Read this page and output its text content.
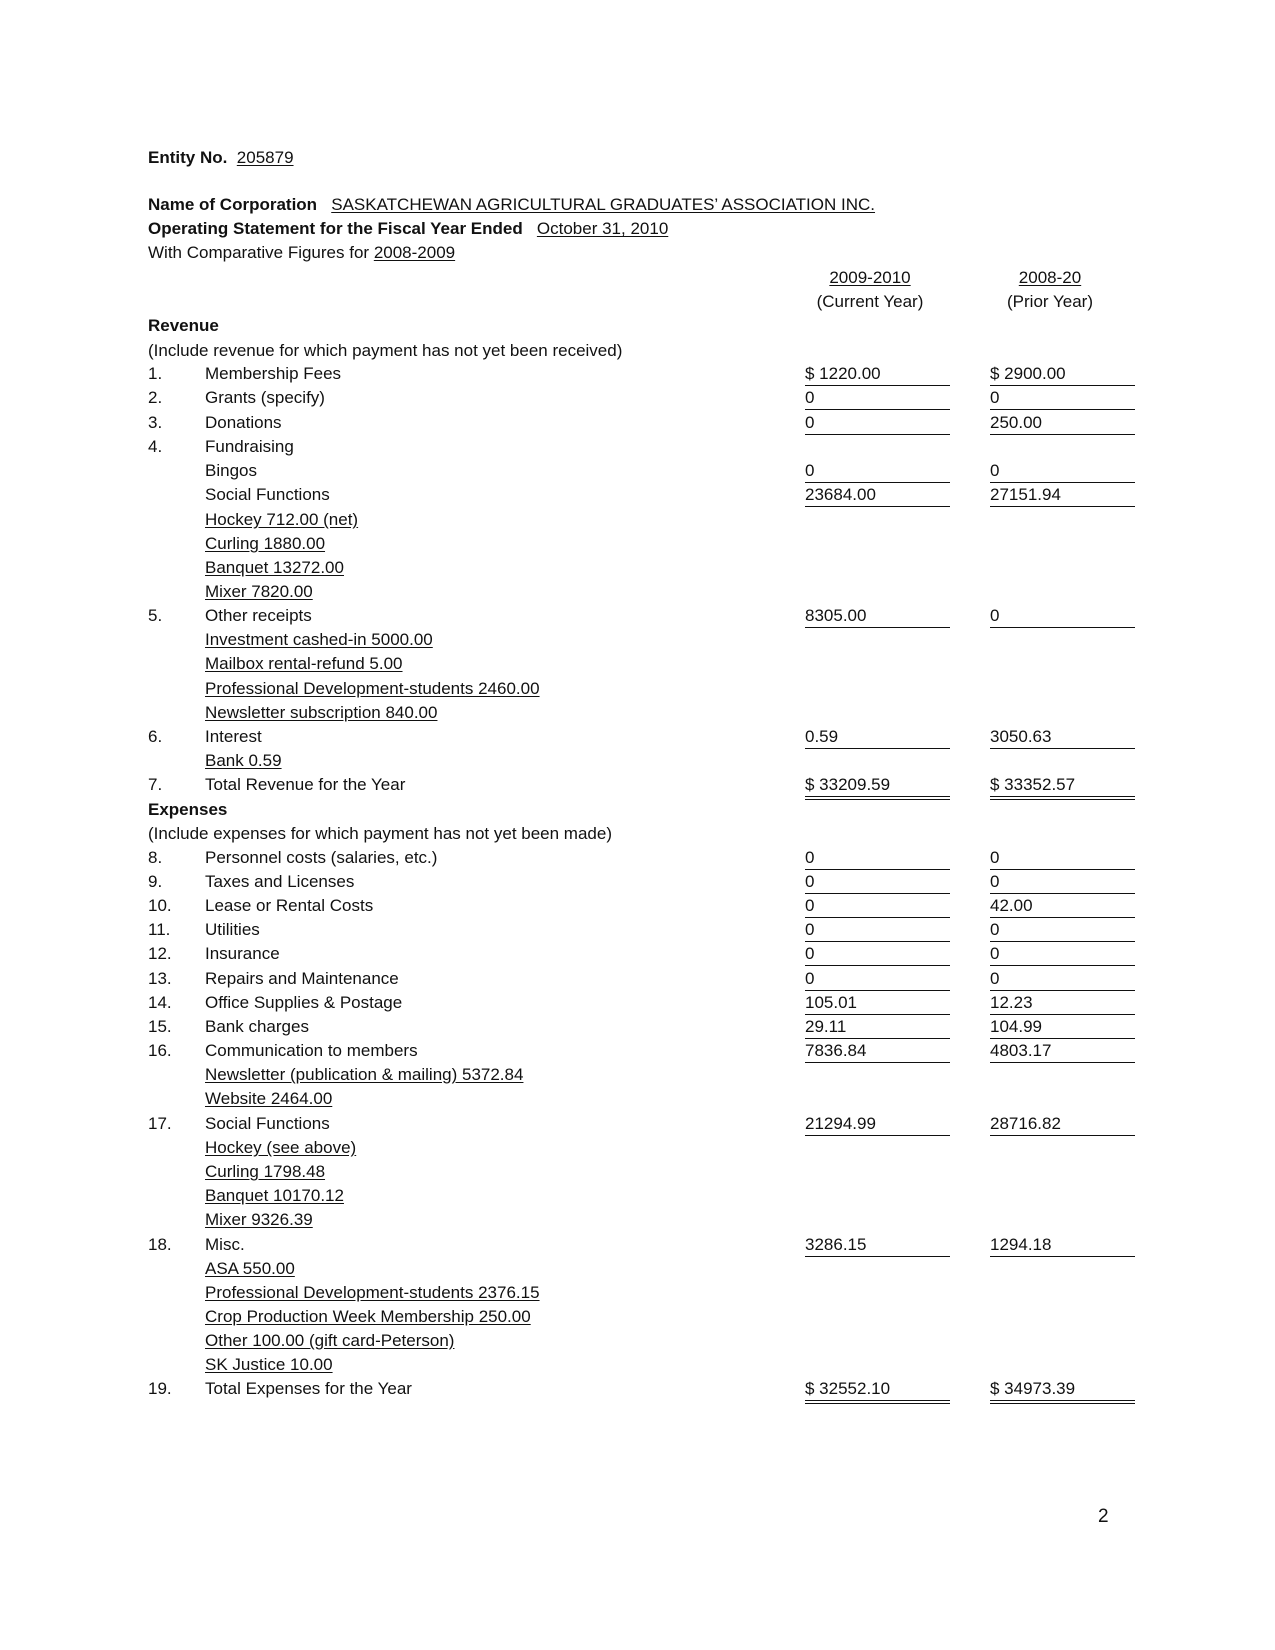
Entity No. 205879
Name of Corporation SASKATCHEWAN AGRICULTURAL GRADUATES’ ASSOCIATION INC.
Operating Statement for the Fiscal Year Ended October 31, 2010
With Comparative Figures for 2008-2009
2009-2010
(Current Year)
2008-20
(Prior Year)
Revenue
(Include revenue for which payment has not yet been received)
1.	Membership Fees	$ 1220.00	$ 2900.00
2.	Grants (specify)	0	0
3.	Donations	0	250.00
4.	Fundraising
Bingos	0	0
Social Functions	23684.00	27151.94
Hockey 712.00 (net)
Curling 1880.00
Banquet 13272.00
Mixer 7820.00
5.	Other receipts	8305.00	0
Investment cashed-in 5000.00
Mailbox rental-refund 5.00
Professional Development-students 2460.00
Newsletter subscription 840.00
6.	Interest	0.59	3050.63
Bank 0.59
7.	Total Revenue for the Year	$ 33209.59	$ 33352.57
Expenses
(Include expenses for which payment has not yet been made)
8.	Personnel costs (salaries, etc.)	0	0
9.	Taxes and Licenses	0	0
10. Lease or Rental Costs	0	42.00
11. Utilities	0	0
12. Insurance	0	0
13. Repairs and Maintenance	0	0
14. Office Supplies & Postage	105.01	12.23
15. Bank charges	29.11	104.99
16. Communication to members	7836.84	4803.17
Newsletter (publication & mailing) 5372.84
Website 2464.00
17. Social Functions	21294.99	28716.82
Hockey (see above)
Curling 1798.48
Banquet 10170.12
Mixer 9326.39
18. Misc.	3286.15	1294.18
ASA 550.00
Professional Development-students 2376.15
Crop Production Week Membership 250.00
Other 100.00 (gift card-Peterson)
SK Justice 10.00
19. Total Expenses for the Year	$ 32552.10	$ 34973.39
2
